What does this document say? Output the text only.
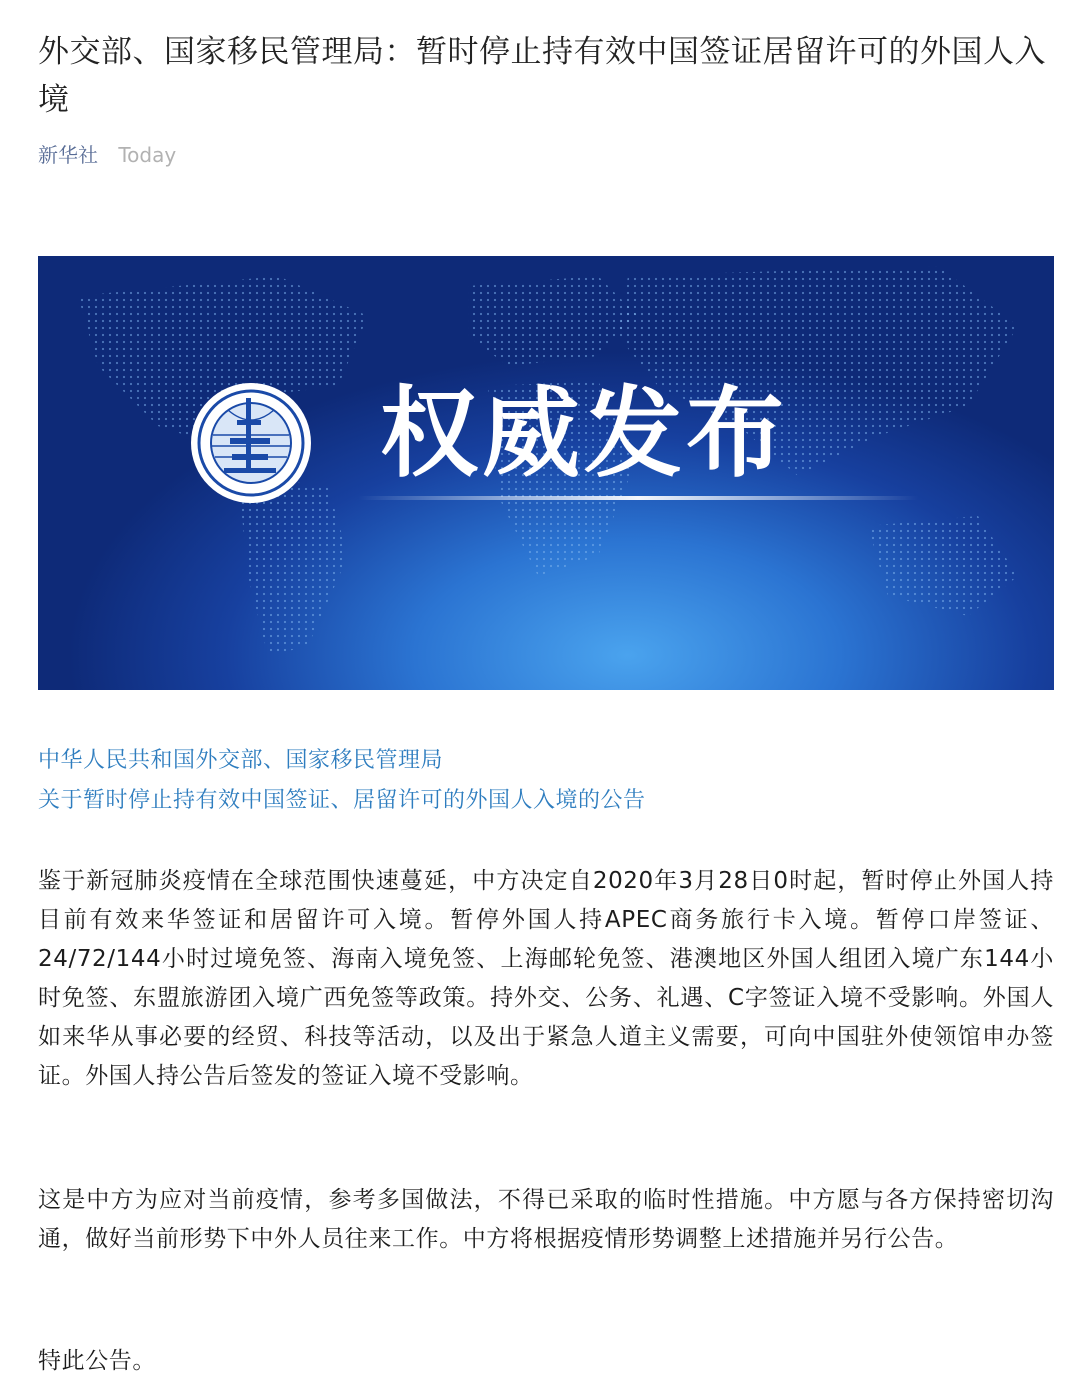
外交部、国家移民管理局：暂时停止持有效中国签证居留许可的外国人入境
新华社 Today
权威发布
中华人民共和国外交部、国家移民管理局
关于暂时停止持有效中国签证、居留许可的外国人入境的公告

鉴于新冠肺炎疫情在全球范围快速蔓延，中方决定自2020年3月28日0时起，暂时停止外国人持目前有效来华签证和居留许可入境。暂停外国人持APEC商务旅行卡入境。暂停口岸签证、24/72/144小时过境免签、海南入境免签、上海邮轮免签、港澳地区外国人组团入境广东144小时免签、东盟旅游团入境广西免签等政策。持外交、公务、礼遇、C字签证入境不受影响。外国人如来华从事必要的经贸、科技等活动，以及出于紧急人道主义需要，可向中国驻外使领馆申办签证。外国人持公告后签发的签证入境不受影响。

这是中方为应对当前疫情，参考多国做法，不得已采取的临时性措施。中方愿与各方保持密切沟通，做好当前形势下中外人员往来工作。中方将根据疫情形势调整上述措施并另行公告。

特此公告。
